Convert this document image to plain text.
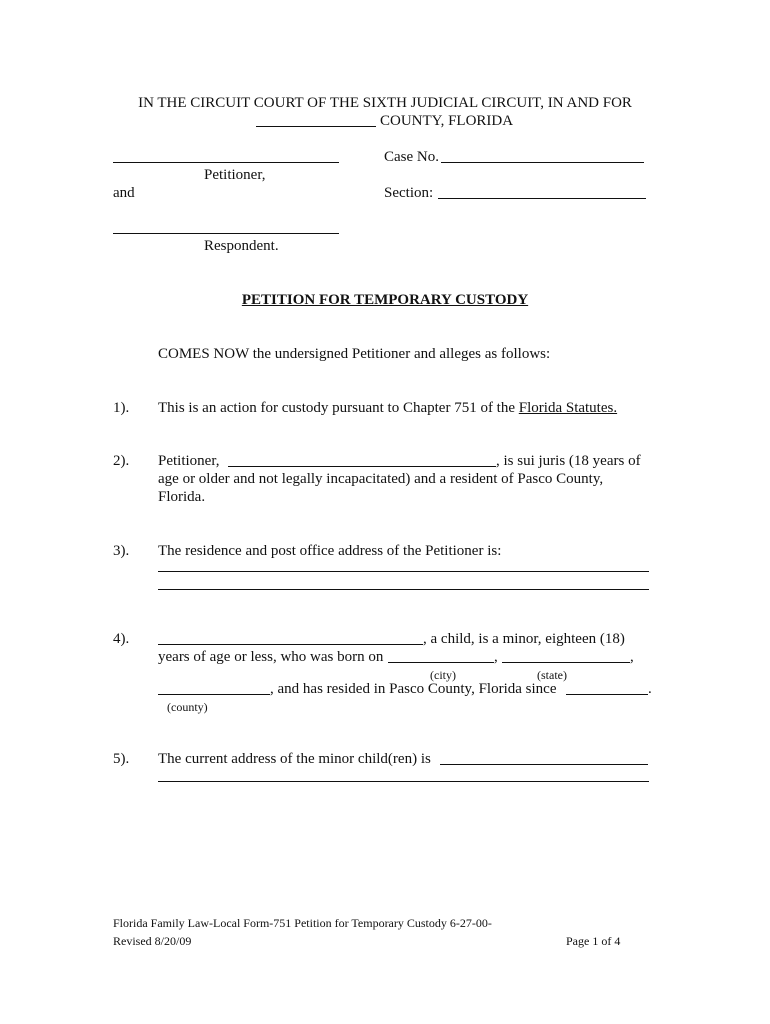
IN THE CIRCUIT COURT OF THE SIXTH JUDICIAL CIRCUIT, IN AND FOR
COUNTY, FLORIDA
Case No.
Petitioner,
and	Section:
Respondent.
PETITION FOR TEMPORARY CUSTODY
COMES NOW the undersigned Petitioner and alleges as follows:
1). This is an action for custody pursuant to Chapter 751 of the Florida Statutes.
2). Petitioner,	, is sui juris (18 years of
age or older and not legally incapacitated) and a resident of Pasco County,
Florida.
3). The residence and post office address of the Petitioner is:
4).	, a child, is a minor, eighteen (18)
years of age or less, who was born on	,	,
(city)	(state)
, and has resided in Pasco County, Florida since	.
(county)
5). The current address of the minor child(ren) is
Florida Family Law-Local Form-751 Petition for Temporary Custody 6-27-00-
Revised 8/20/09	Page 1 of 4
